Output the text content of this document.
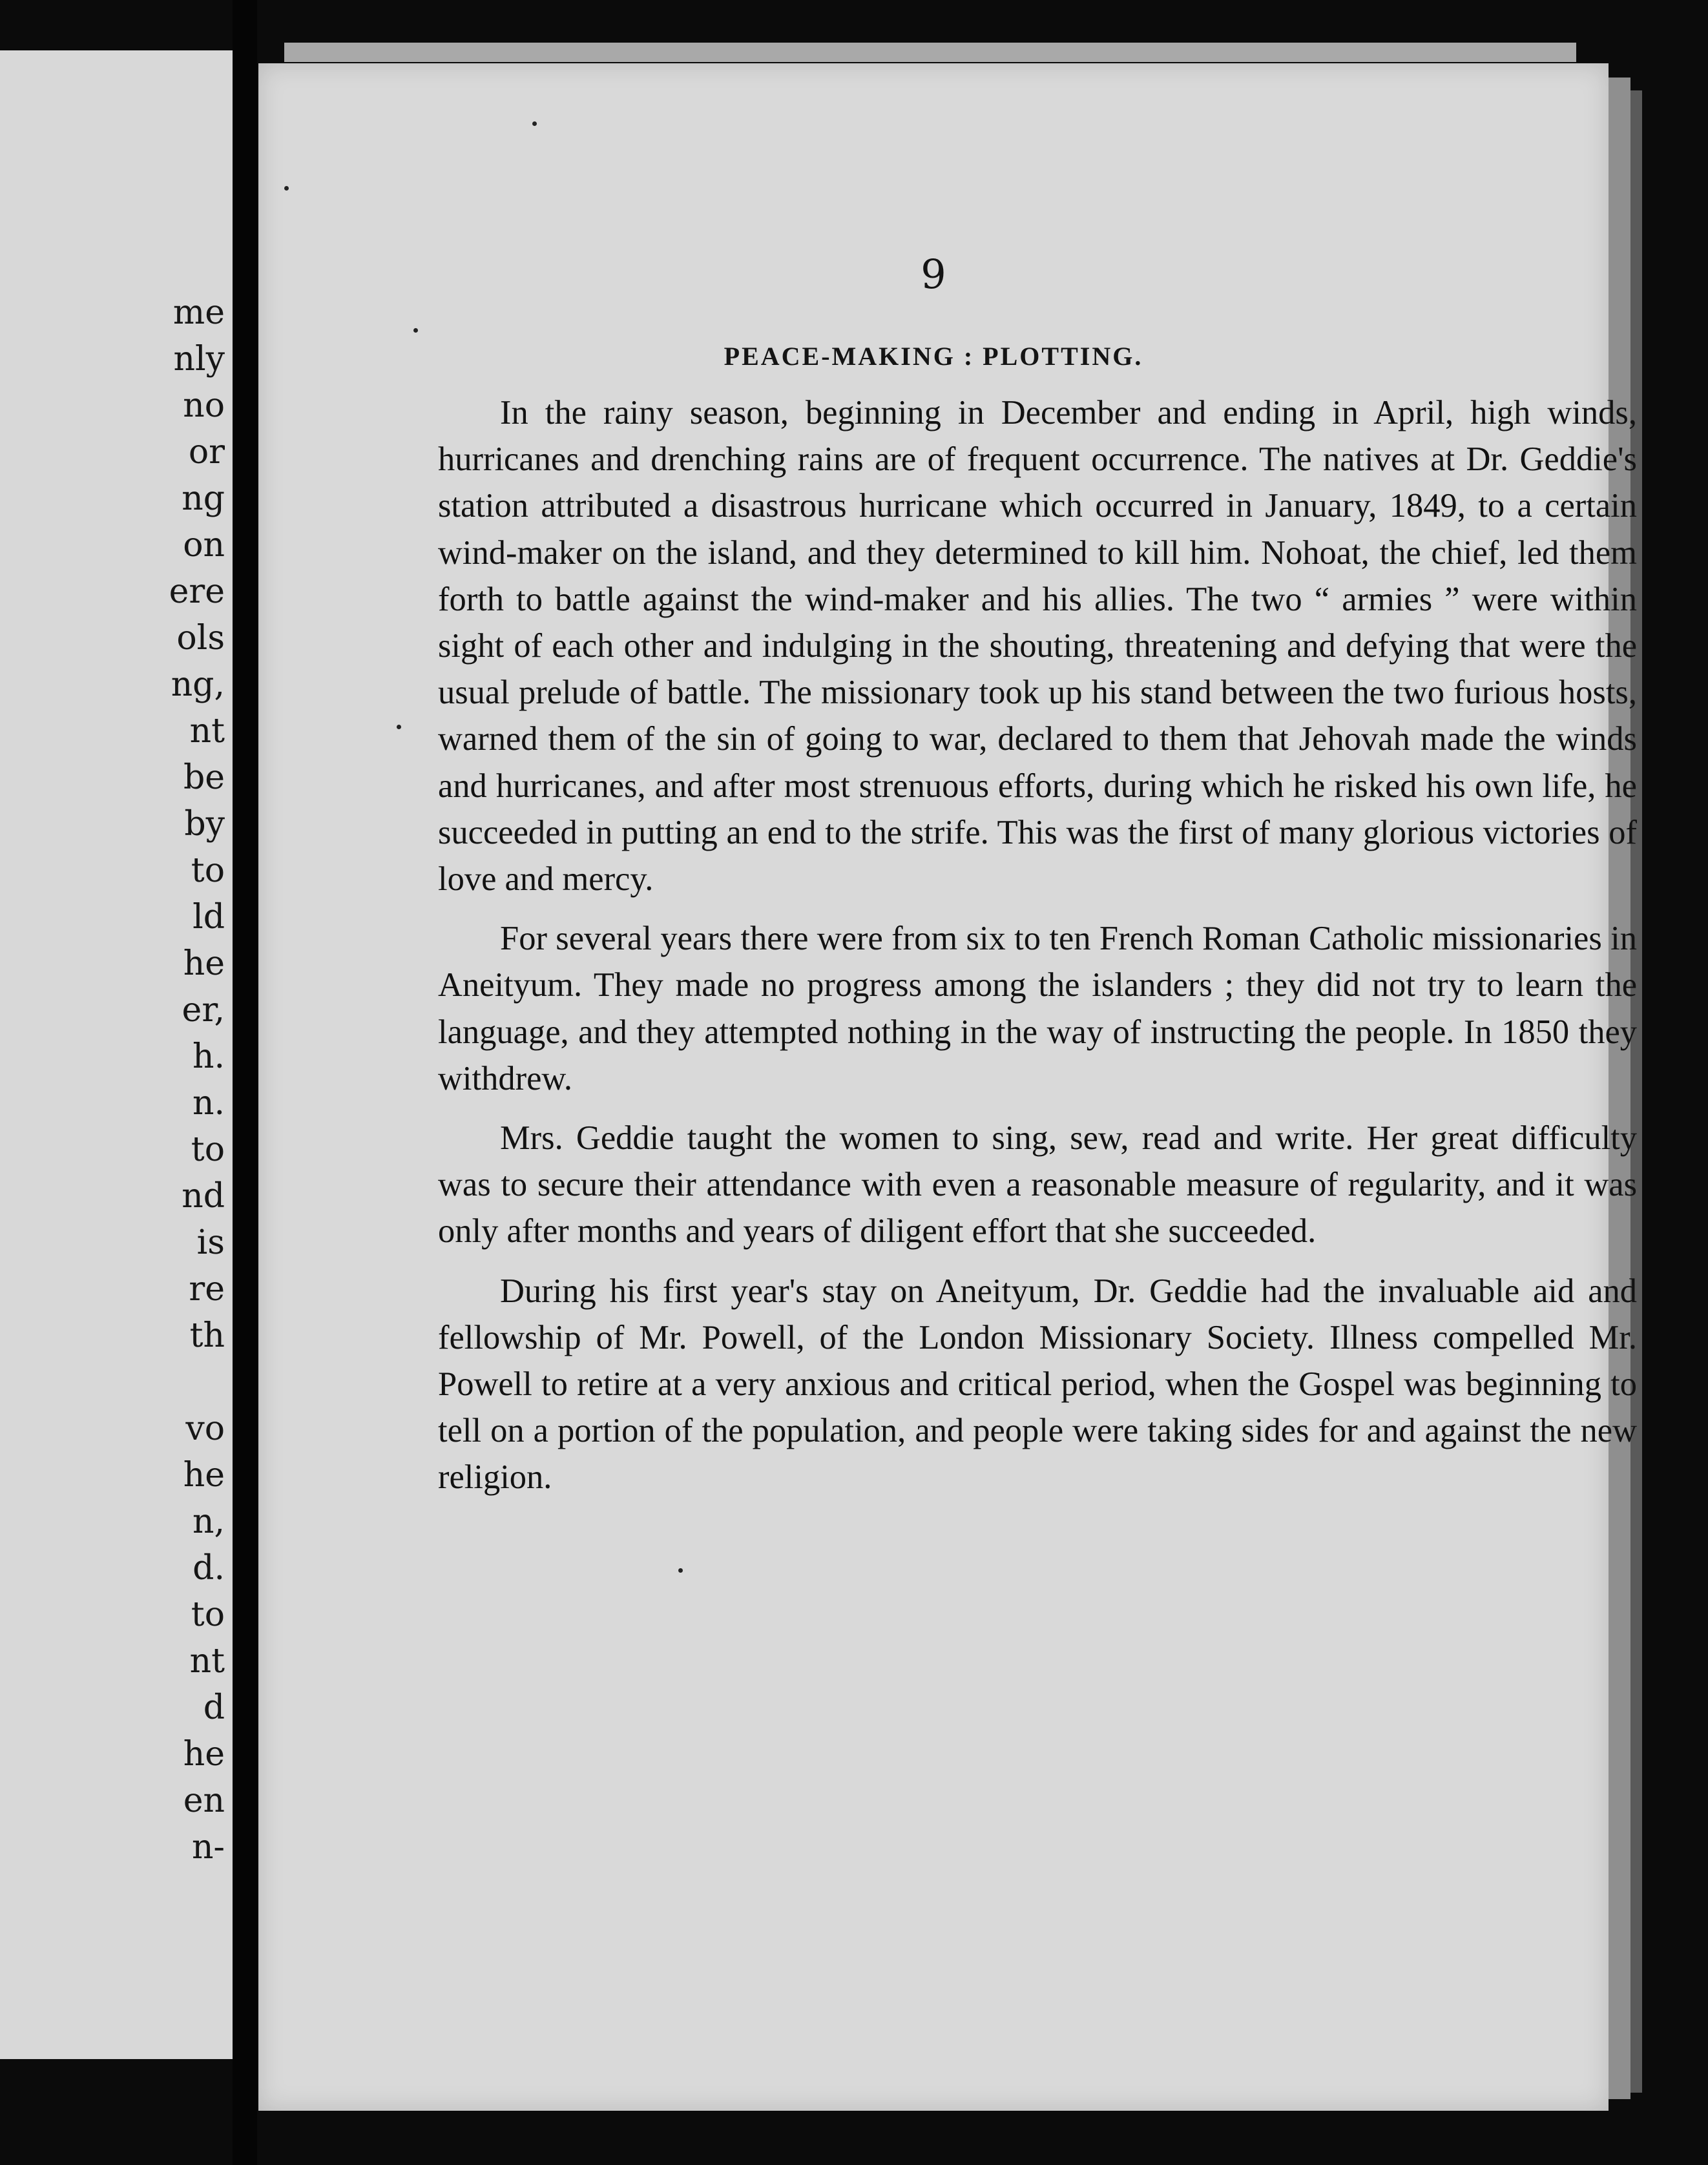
me
nly
no
or
ng
on
ere
ols
ng,
nt
be
by
to
ld
he
er,
h.
n.
to
nd
is
re
th
vo
he
n,
d.
to
nt
d
he
en
n-
9
PEACE-MAKING : PLOTTING.

In the rainy season, beginning in December and ending in April, high winds, hurricanes and drenching rains are of frequent occurrence. The natives at Dr. Geddie's station attributed a disastrous hurricane which occurred in January, 1849, to a certain wind-maker on the island, and they determined to kill him. Nohoat, the chief, led them forth to battle against the wind-maker and his allies. The two “ armies ” were within sight of each other and indulging in the shouting, threatening and defying that were the usual prelude of battle. The missionary took up his stand between the two furious hosts, warned them of the sin of going to war, declared to them that Jehovah made the winds and hurricanes, and after most strenuous efforts, during which he risked his own life, he succeeded in putting an end to the strife. This was the first of many glorious victories of love and mercy.

For several years there were from six to ten French Roman Catholic missionaries in Aneityum. They made no progress among the islanders ; they did not try to learn the language, and they attempted nothing in the way of instructing the people. In 1850 they withdrew.

Mrs. Geddie taught the women to sing, sew, read and write. Her great difficulty was to secure their attendance with even a reasonable measure of regularity, and it was only after months and years of diligent effort that she succeeded.

During his first year's stay on Aneityum, Dr. Geddie had the invaluable aid and fellowship of Mr. Powell, of the London Missionary Society. Illness compelled Mr. Powell to retire at a very anxious and critical period, when the Gospel was beginning to tell on a portion of the population, and people were taking sides for and against the new religion.
